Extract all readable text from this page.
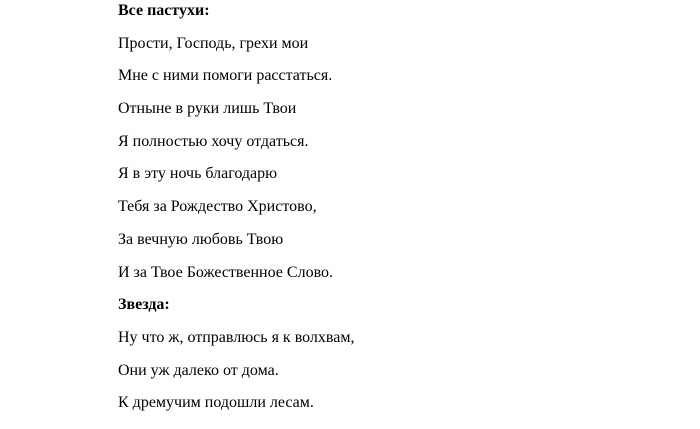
Все пастухи:
Прости, Господь, грехи мои
Мне с ними помоги расстаться.
Отныне в руки лишь Твои
Я полностью хочу отдаться.
Я в эту ночь благодарю
Тебя за Рождество Христово,
За вечную любовь Твою
И за Твое Божественное Слово.
Звезда:
Ну что ж, отправлюсь я к волхвам,
Они уж далеко от дома.
К дремучим подошли лесам.
